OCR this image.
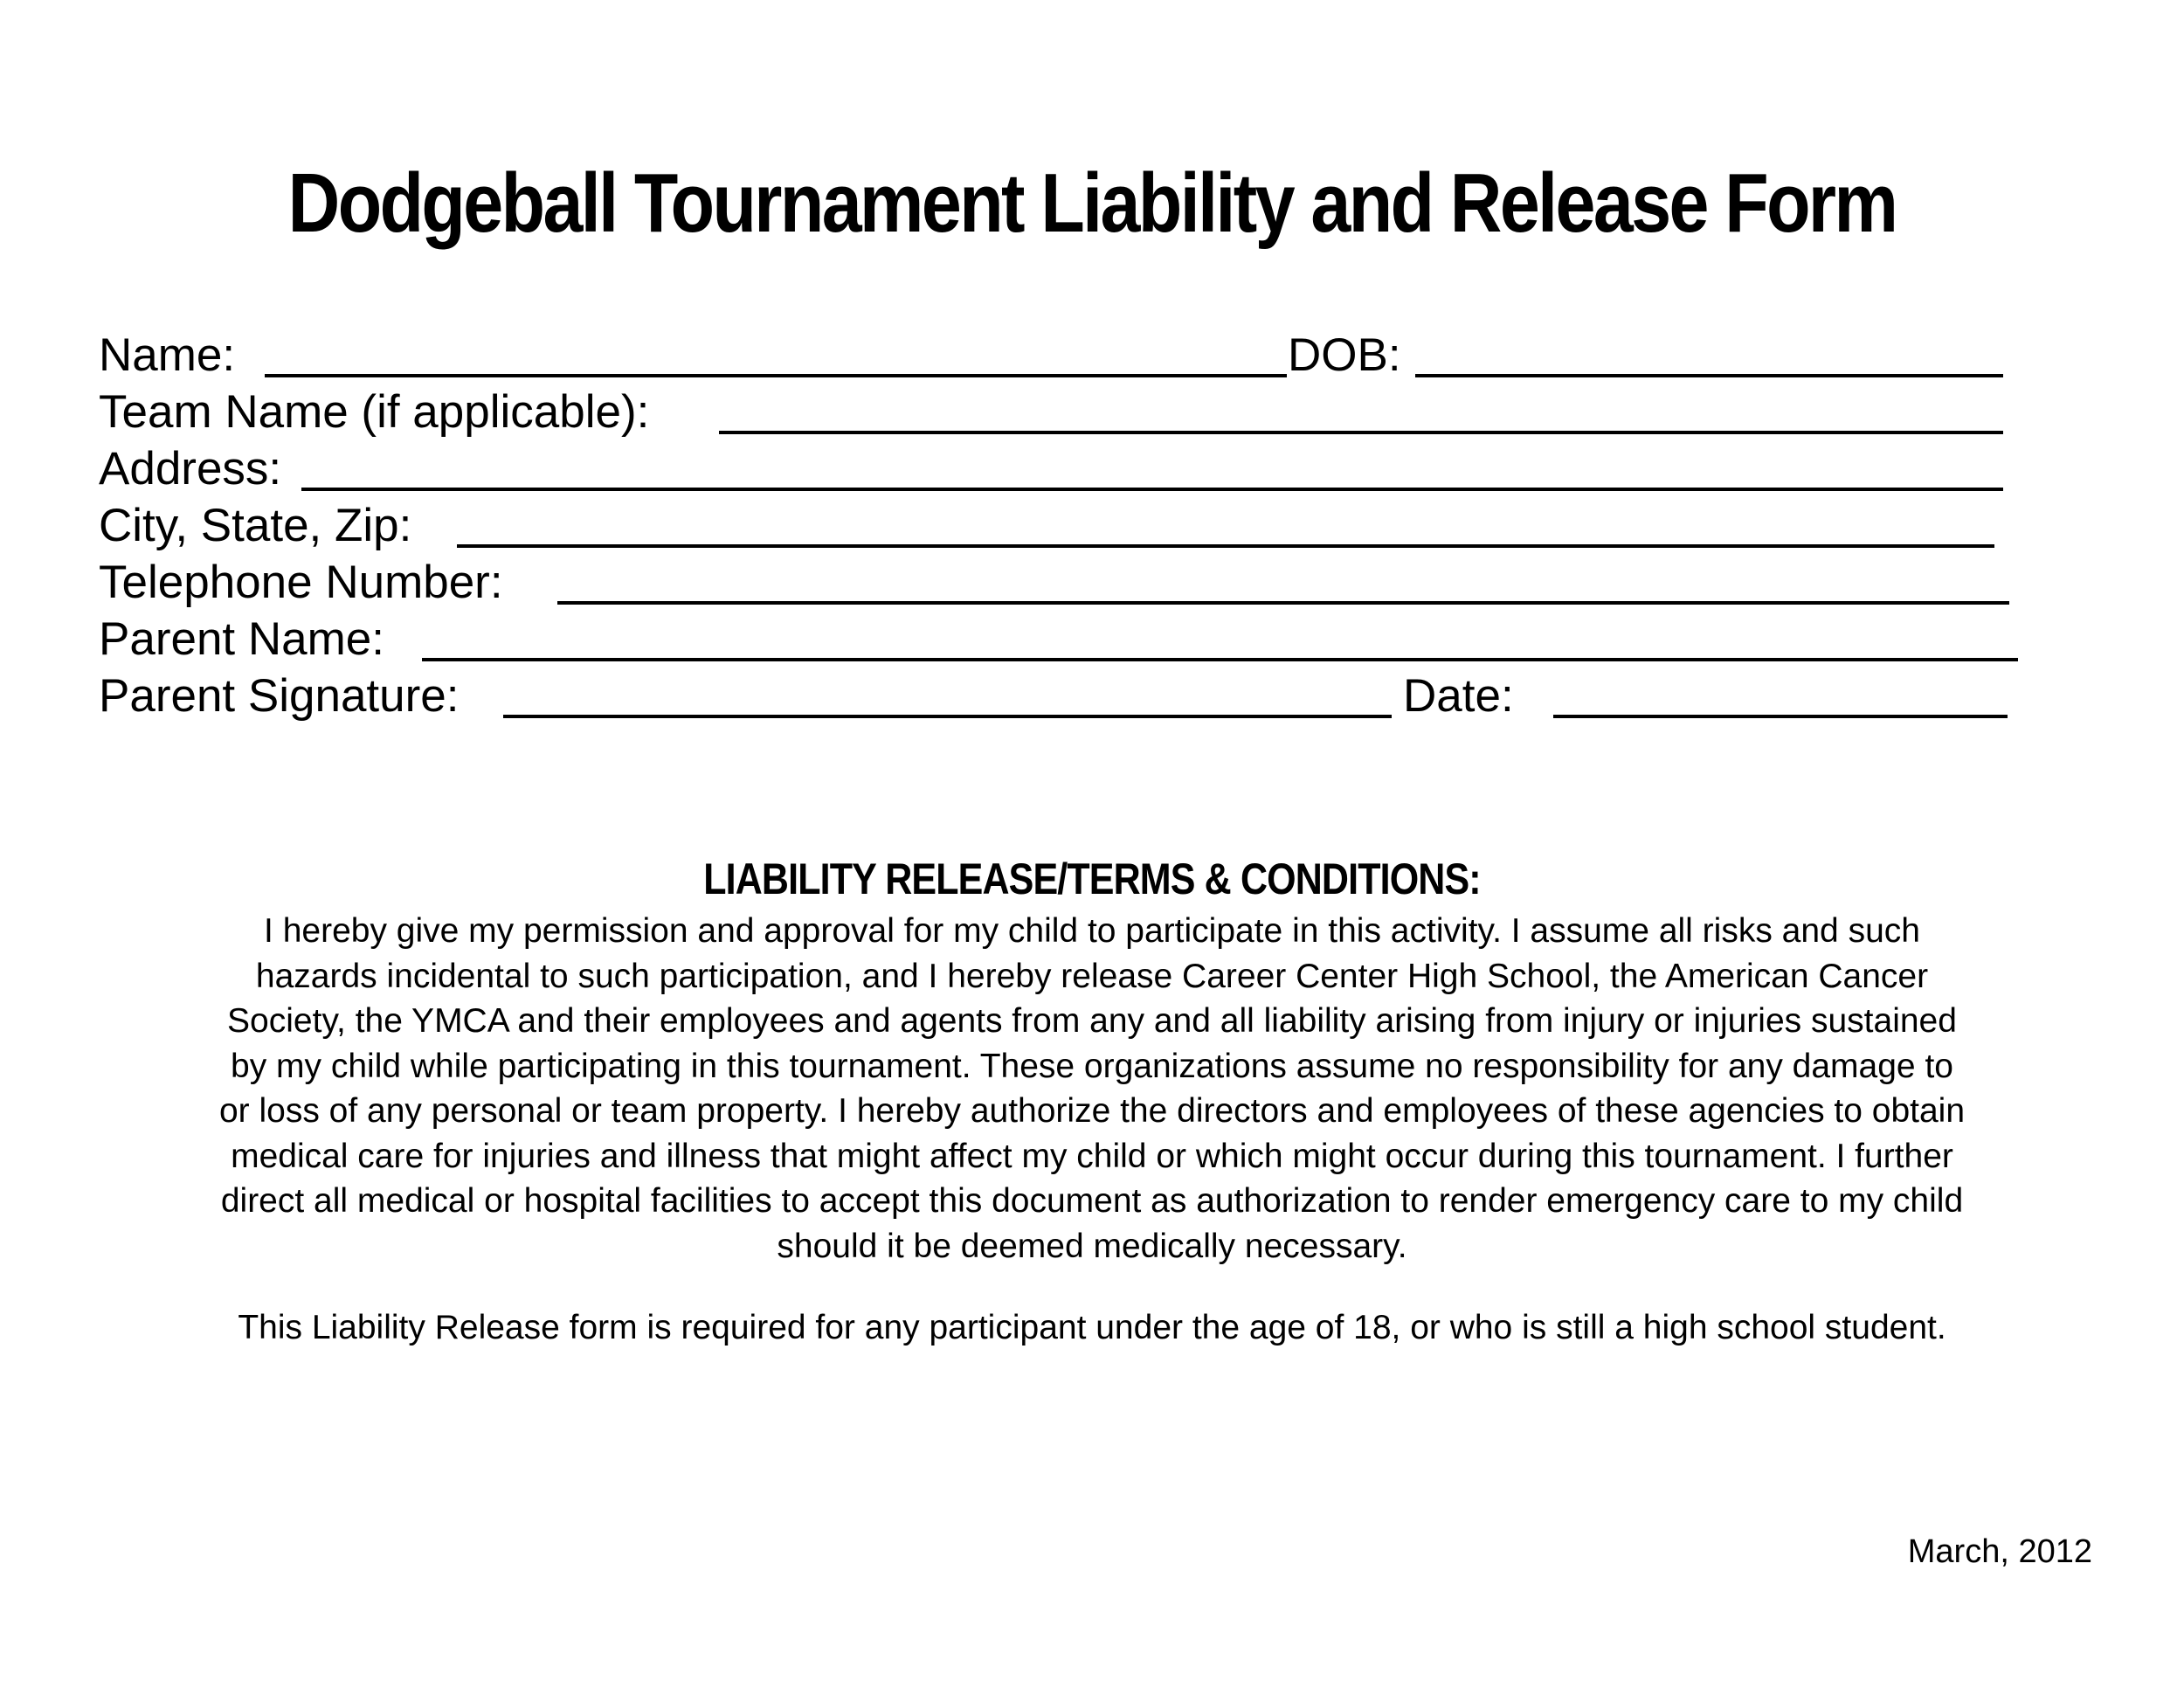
Dodgeball Tournament Liability and Release Form
Name:	DOB:
Team Name (if applicable):
Address:
City, State, Zip:
Telephone Number:
Parent Name:
Parent Signature:	Date:
LIABILITY RELEASE/TERMS & CONDITIONS:
I hereby give my permission and approval for my child to participate in this activity. I assume all risks and such
hazards incidental to such participation, and I hereby release Career Center High School, the American Cancer
Society, the YMCA and their employees and agents from any and all liability arising from injury or injuries sustained
by my child while participating in this tournament. These organizations assume no responsibility for any damage to
or loss of any personal or team property. I hereby authorize the directors and employees of these agencies to obtain
medical care for injuries and illness that might affect my child or which might occur during this tournament. I further
direct all medical or hospital facilities to accept this document as authorization to render emergency care to my child
should it be deemed medically necessary.
This Liability Release form is required for any participant under the age of 18, or who is still a high school student.
March, 2012
